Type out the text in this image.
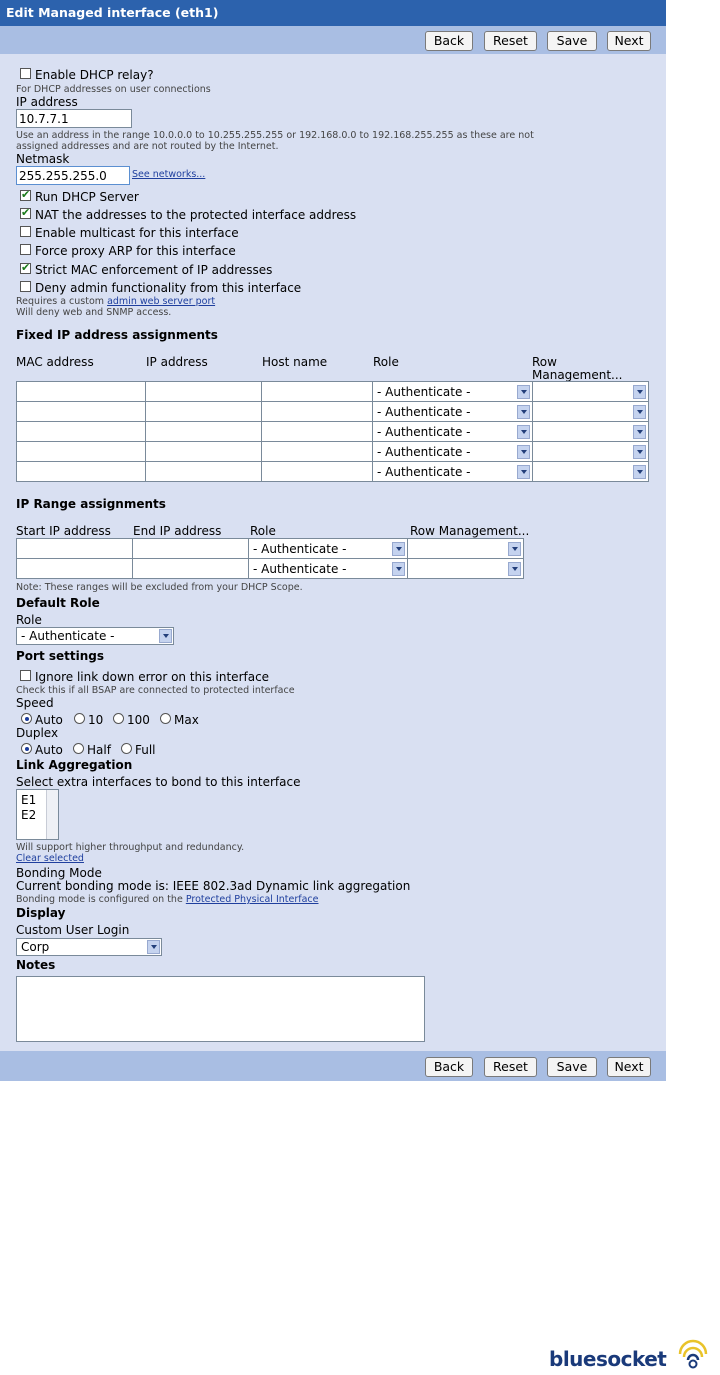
Edit Managed interface (eth1)
Back	Reset	Save	Next
Enable DHCP relay?
For DHCP addresses on user connections
IP address
10.7.7.1
Use an address in the range 10.0.0.0 to 10.255.255.255 or 192.168.0.0 to 192.168.255.255 as these are not
assigned addresses and are not routed by the Internet.
Netmask
255.255.255.0	See networks...
✔
Run DHCP Server
✔
NAT the addresses to the protected interface address
Enable multicast for this interface
Force proxy ARP for this interface
✔
Strict MAC enforcement of IP addresses
Deny admin functionality from this interface
Requires a custom admin web server port
Will deny web and SNMP access.
Fixed IP address assignments
MAC address	IP address	Host name	Role	Row
Management...

			- Authenticate -	

			- Authenticate -	

			- Authenticate -	

			- Authenticate -	

			- Authenticate -	

IP Range assignments
Start IP address End IP address Role	Row Management...

		- Authenticate -	

		- Authenticate -	

Note: These ranges will be excluded from your DHCP Scope.
Default Role
Role
- Authenticate -
Port settings
Ignore link down error on this interface
Check this if all BSAP are connected to protected interface
Speed
Auto 10 100 Max
Duplex
Auto Half Full
Link Aggregation
Select extra interfaces to bond to this interface
E1
E2
Will support higher throughput and redundancy.
Clear selected
Bonding Mode
Current bonding mode is: IEEE 802.3ad Dynamic link aggregation
Bonding mode is configured on the Protected Physical Interface
Display
Custom User Login
Corp
Notes
Back	Reset	Save	Next
bluesocket
